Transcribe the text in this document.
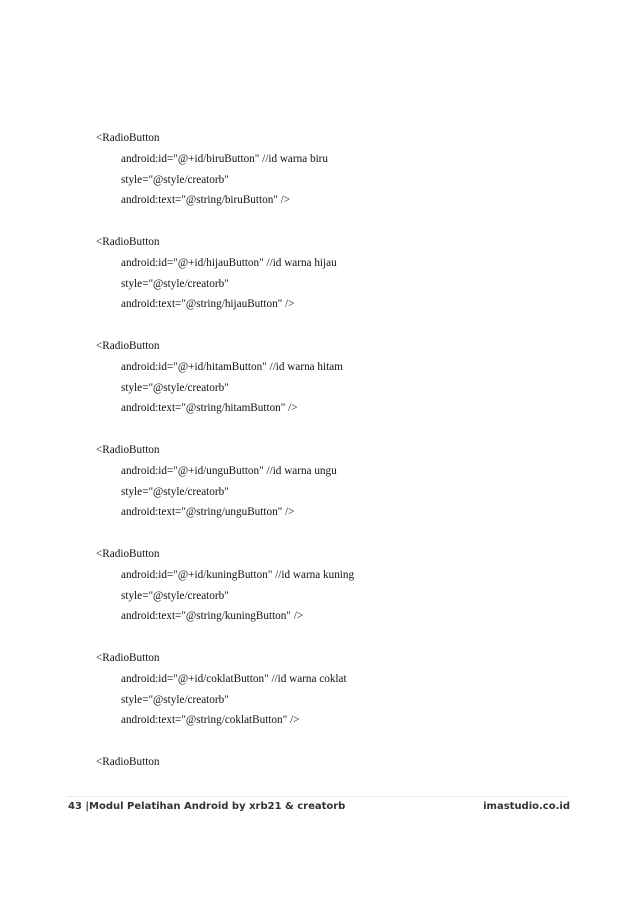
<RadioButton
android:id="@+id/biruButton" //id warna biru
style="@style/creatorb"
android:text="@string/biruButton" />
<RadioButton
android:id="@+id/hijauButton" //id warna hijau
style="@style/creatorb"
android:text="@string/hijauButton" />
<RadioButton
android:id="@+id/hitamButton" //id warna hitam
style="@style/creatorb"
android:text="@string/hitamButton" />
<RadioButton
android:id="@+id/unguButton" //id warna ungu
style="@style/creatorb"
android:text="@string/unguButton" />
<RadioButton
android:id="@+id/kuningButton" //id warna kuning
style="@style/creatorb"
android:text="@string/kuningButton" />
<RadioButton
android:id="@+id/coklatButton" //id warna coklat
style="@style/creatorb"
android:text="@string/coklatButton" />
<RadioButton
43 |Modul Pelatihan Android by xrb21 & creatorb	imastudio.co.id
